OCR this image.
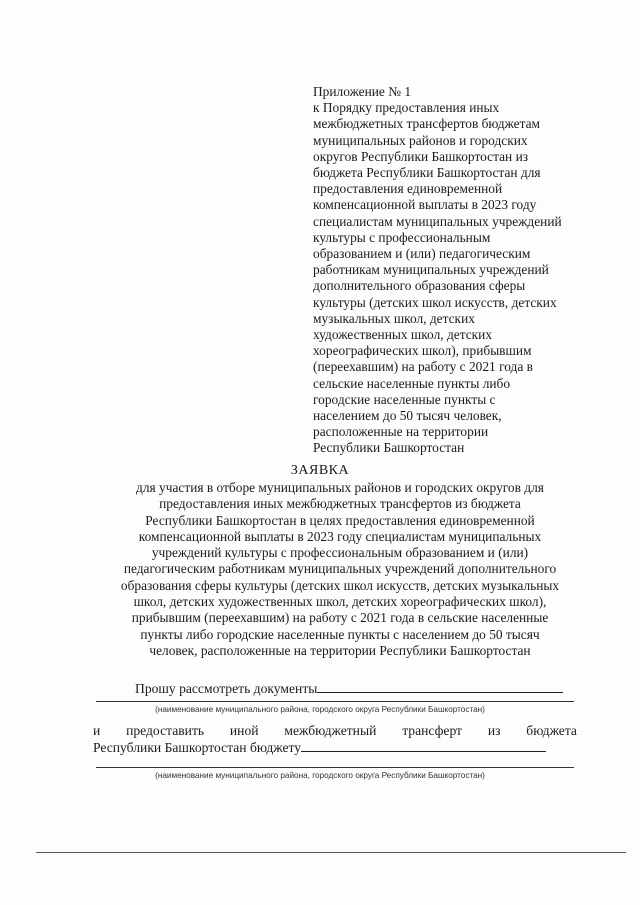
Приложение № 1
к Порядку предоставления иных
межбюджетных трансфертов бюджетам
муниципальных районов и городских
округов Республики Башкортостан из
бюджета Республики Башкортостан для
предоставления единовременной
компенсационной выплаты в 2023 году
специалистам муниципальных учреждений
культуры с профессиональным
образованием и (или) педагогическим
работникам муниципальных учреждений
дополнительного образования сферы
культуры (детских школ искусств, детских
музыкальных школ, детских
художественных школ, детских
хореографических школ), прибывшим
(переехавшим) на работу с 2021 года в
сельские населенные пункты либо
городские населенные пункты с
населением до 50 тысяч человек,
расположенные на территории
Республики Башкортостан
ЗАЯВКА
для участия в отборе муниципальных районов и городских округов для
предоставления иных межбюджетных трансфертов из бюджета
Республики Башкортостан в целях предоставления единовременной
компенсационной выплаты в 2023 году специалистам муниципальных
учреждений культуры с профессиональным образованием и (или)
педагогическим работникам муниципальных учреждений дополнительного
образования сферы культуры (детских школ искусств, детских музыкальных
школ, детских художественных школ, детских хореографических школ),
прибывшим (переехавшим) на работу с 2021 года в сельские населенные
пункты либо городские населенные пункты с населением до 50 тысяч
человек, расположенные на территории Республики Башкортостан
Прошу рассмотреть документы
(наименование муниципального района, городского округа Республики Башкортостан)
и предоставить иной межбюджетный трансферт из бюджета
Республики Башкортостан бюджету
(наименование муниципального района, городского округа Республики Башкортостан)
